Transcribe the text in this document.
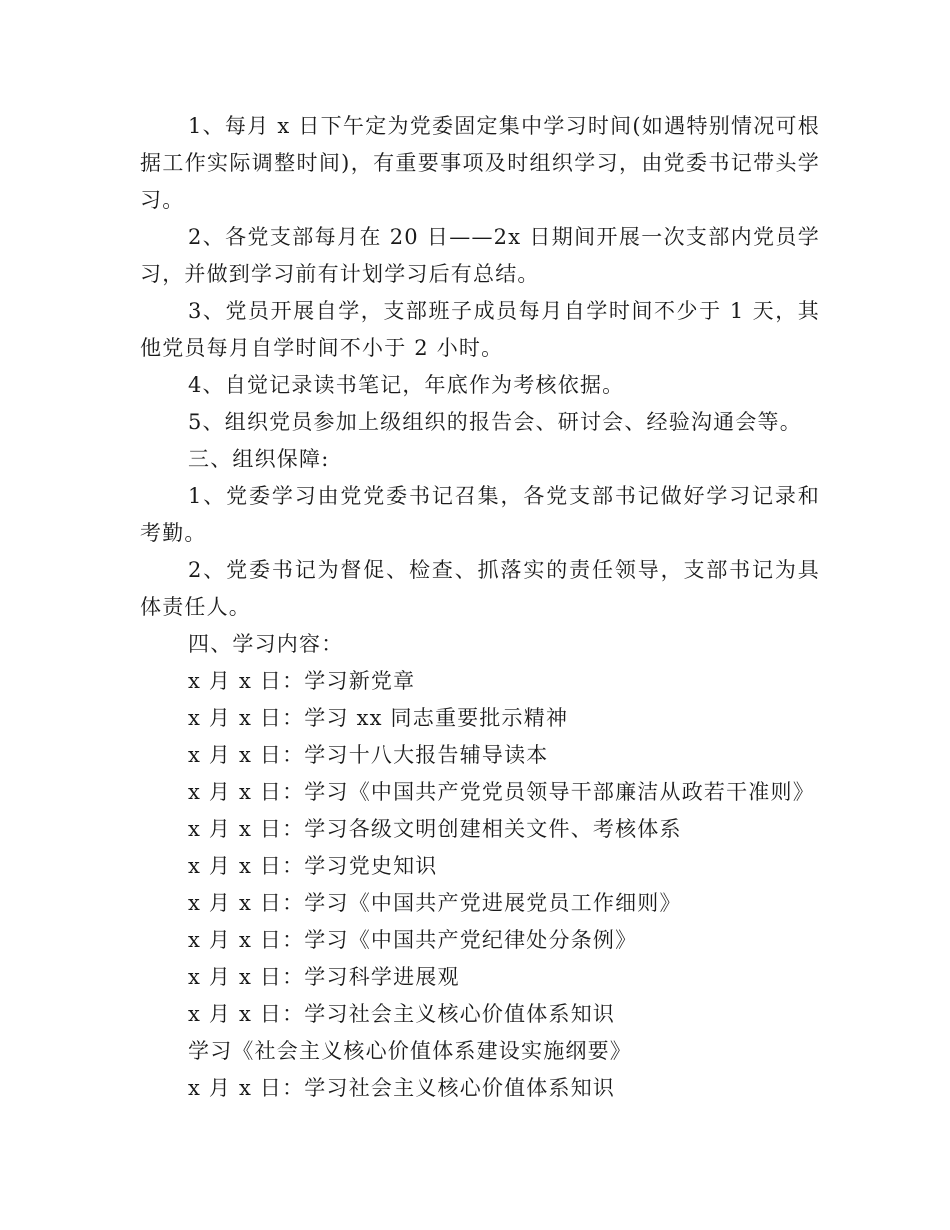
1、每月 x 日下午定为党委固定集中学习时间(如遇特别情况可根据工作实际调整时间)，有重要事项及时组织学习，由党委书记带头学习。

2、各党支部每月在 20 日——2x 日期间开展一次支部内党员学习，并做到学习前有计划学习后有总结。

3、党员开展自学，支部班子成员每月自学时间不少于 1 天，其他党员每月自学时间不小于 2 小时。

4、自觉记录读书笔记，年底作为考核依据。

5、组织党员参加上级组织的报告会、研讨会、经验沟通会等。

三、组织保障:

1、党委学习由党党委书记召集，各党支部书记做好学习记录和考勤。

2、党委书记为督促、检查、抓落实的责任领导，支部书记为具体责任人。

四、学习内容：

x 月 x 日：学习新党章

x 月 x 日：学习 xx 同志重要批示精神

x 月 x 日：学习十八大报告辅导读本

x 月 x 日：学习《中国共产党党员领导干部廉洁从政若干准则》

x 月 x 日：学习各级文明创建相关文件、考核体系

x 月 x 日：学习党史知识

x 月 x 日：学习《中国共产党进展党员工作细则》

x 月 x 日：学习《中国共产党纪律处分条例》

x 月 x 日：学习科学进展观

x 月 x 日：学习社会主义核心价值体系知识

学习《社会主义核心价值体系建设实施纲要》

x 月 x 日：学习社会主义核心价值体系知识
